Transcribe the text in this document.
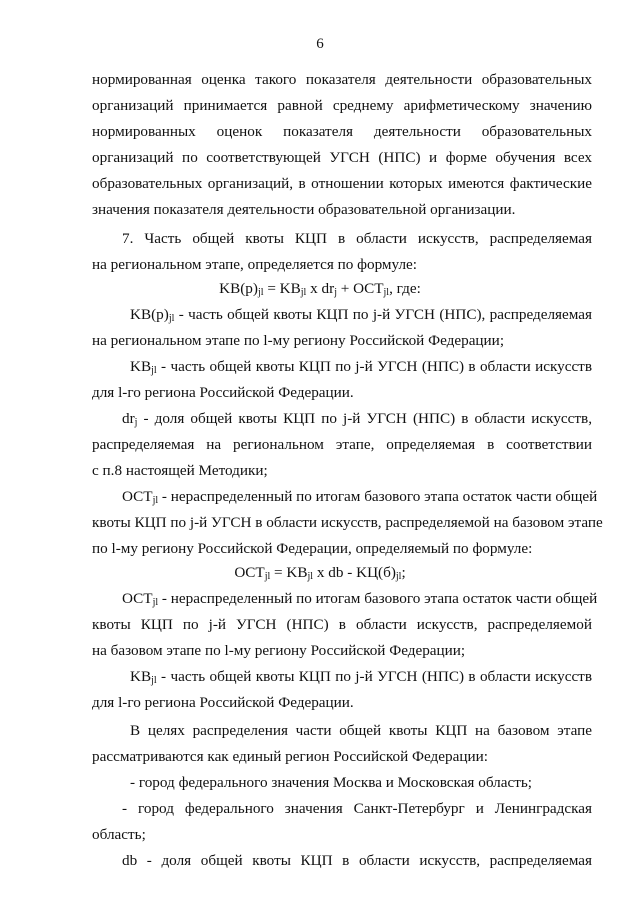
6
нормированная оценка такого показателя деятельности образовательных
организаций принимается равной среднему арифметическому значению
нормированных оценок показателя деятельности образовательных
организаций по соответствующей УГСН (НПС) и форме обучения всех
образовательных организаций, в отношении которых имеются фактические
значения показателя деятельности образовательной организации.
7. Часть общей квоты КЦП в области искусств, распределяемая
на региональном этапе, определяется по формуле:
$KB(p)_{jl} = KB_{jl}$ x $dr_j + OCT_{jl}$, где:
$KB(p)_{jl}$ - часть общей квоты КЦП по j-й УГСН (НПС), распределяемая
на региональном этапе по l-му региону Российской Федерации;
$KB_{jl}$ - часть общей квоты КЦП по j-й УГСН (НПС) в области искусств
для l-го региона Российской Федерации.
$dr_j$ - доля общей квоты КЦП по j-й УГСН (НПС) в области искусств,
распределяемая на региональном этапе, определяемая в соответствии
с п.8 настоящей Методики;
$ОСТ_{jl}$ - нераспределенный по итогам базового этапа остаток части общей
квоты КЦП по j-й УГСН в области искусств, распределяемой на базовом этапе
по l-му региону Российской Федерации, определяемый по формуле:
$OCT_{jl} = KB_{jl}$ x db - $KЦ(б)_{jl}$;
$ОСТ_{jl}$ - нераспределенный по итогам базового этапа остаток части общей
квоты КЦП по j-й УГСН (НПС) в области искусств, распределяемой
на базовом этапе по l-му региону Российской Федерации;
$KB_{jl}$ - часть общей квоты КЦП по j-й УГСН (НПС) в области искусств
для l-го региона Российской Федерации.
В целях распределения части общей квоты КЦП на базовом этапе
рассматриваются как единый регион Российской Федерации:
- город федерального значения Москва и Московская область;
- город федерального значения Санкт-Петербург и Ленинградская
область;
db - доля общей квоты КЦП в области искусств, распределяемая
